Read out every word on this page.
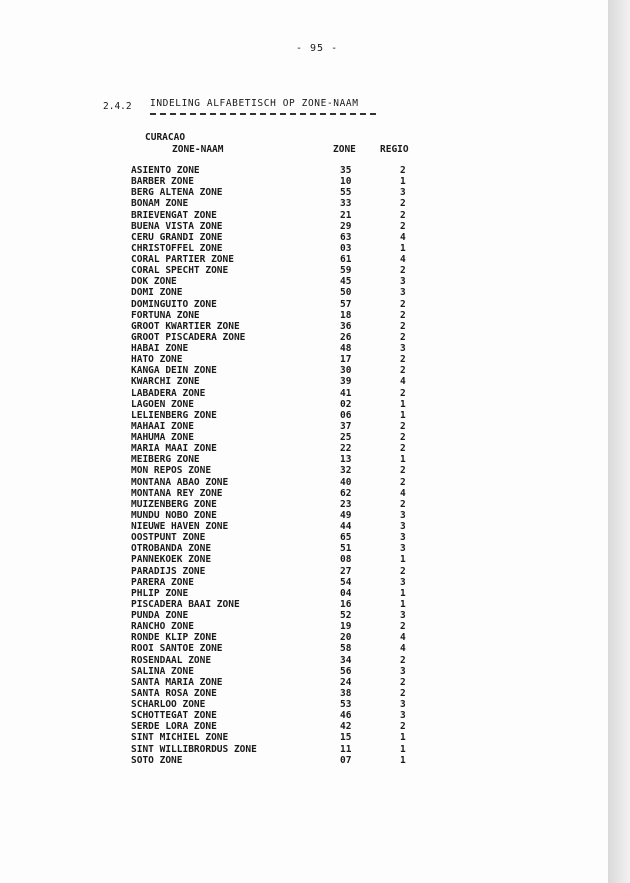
- 95 -
2.4.2 INDELING ALFABETISCH OP ZONE-NAAM
CURACAO
ZONE-NAAM	ZONE	REGIO
ASIENTO ZONE	35	2
BARBER ZONE	10	1
BERG ALTENA ZONE	55	3
BONAM ZONE	33	2
BRIEVENGAT ZONE	21	2
BUENA VISTA ZONE	29	2
CERU GRANDI ZONE	63	4
CHRISTOFFEL ZONE	03	1
CORAL PARTIER ZONE	61	4
CORAL SPECHT ZONE	59	2
DOK ZONE	45	3
DOMI ZONE	50	3
DOMINGUITO ZONE	57	2
FORTUNA ZONE	18	2
GROOT KWARTIER ZONE	36	2
GROOT PISCADERA ZONE	26	2
HABAI ZONE	48	3
HATO ZONE	17	2
KANGA DEIN ZONE	30	2
KWARCHI ZONE	39	4
LABADERA ZONE	41	2
LAGOEN ZONE	02	1
LELIENBERG ZONE	06	1
MAHAAI ZONE	37	2
MAHUMA ZONE	25	2
MARIA MAAI ZONE	22	2
MEIBERG ZONE	13	1
MON REPOS ZONE	32	2
MONTANA ABAO ZONE	40	2
MONTANA REY ZONE	62	4
MUIZENBERG ZONE	23	2
MUNDU NOBO ZONE	49	3
NIEUWE HAVEN ZONE	44	3
OOSTPUNT ZONE	65	3
OTROBANDA ZONE	51	3
PANNEKOEK ZONE	08	1
PARADIJS ZONE	27	2
PARERA ZONE	54	3
PHLIP ZONE	04	1
PISCADERA BAAI ZONE	16	1
PUNDA ZONE	52	3
RANCHO ZONE	19	2
RONDE KLIP ZONE	20	4
ROOI SANTOE ZONE	58	4
ROSENDAAL ZONE	34	2
SALINA ZONE	56	3
SANTA MARIA ZONE	24	2
SANTA ROSA ZONE	38	2
SCHARLOO ZONE	53	3
SCHOTTEGAT ZONE	46	3
SERDE LORA ZONE	42	2
SINT MICHIEL ZONE	15	1
SINT WILLIBRORDUS ZONE	11	1
SOTO ZONE	07	1
